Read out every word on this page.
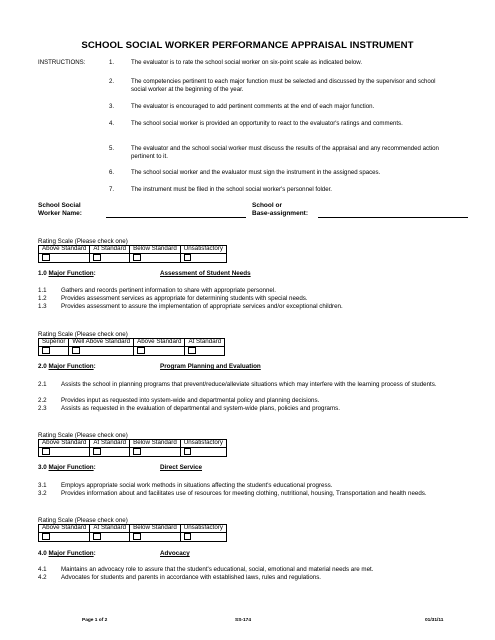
SCHOOL SOCIAL WORKER PERFORMANCE APPRAISAL INSTRUMENT
INSTRUCTIONS:	1.	The evaluator is to rate the school social worker on six-point scale as indicated below.
2.	The competencies pertinent to each major function must be selected and discussed by the supervisor and school social worker at the beginning of the year.
3.	The evaluator is encouraged to add pertinent comments at the end of each major function.
4.	The school social worker is provided an opportunity to react to the evaluator's ratings and comments.
5.	The evaluator and the school social worker must discuss the results of the appraisal and any recommended action pertinent to it.
6.	The school social worker and the evaluator must sign the instrument in the assigned spaces.
7.	The instrument must be filed in the school social worker's personnel folder.
School Social
Worker Name:
School or
Base-assignment:
Rating Scale (Please check one)
Above Standard	At Standard	Below Standard	Unsatisfactory

1.0 Major Function:	Assessment of Student Needs
1.1 Gathers and records pertinent information to share with appropriate personnel.
1.2 Provides assessment services as appropriate for determining students with special needs.
1.3 Provides assessment to assure the implementation of appropriate services and/or exceptional children.
Rating Scale (Please check one)
Superior	Well Above Standard	Above Standard	At Standard

2.0 Major Function:	Program Planning and Evaluation
2.1 Assists the school in planning programs that prevent/reduce/alleviate situations which may interfere with the learning process of students.
2.2 Provides input as requested into system-wide and departmental policy and planning decisions.
2.3 Assists as requested in the evaluation of departmental and system-wide plans, policies and programs.
Rating Scale (Please check one)
Above Standard	At Standard	Below Standard	Unsatisfactory

3.0 Major Function:	Direct Service
3.1 Employs appropriate social work methods in situations affecting the student's educational progress.
3.2 Provides information about and facilitates use of resources for meeting clothing, nutritional, housing, Transportation and health needs.
Rating Scale (Please check one)
Above Standard	At Standard	Below Standard	Unsatisfactory

4.0 Major Function:	Advocacy
4.1 Maintains an advocacy role to assure that the student's educational, social, emotional and material needs are met.
4.2 Advocates for students and parents in accordance with established laws, rules and regulations.
Page 1 of 2	SS-174	01/31/11
